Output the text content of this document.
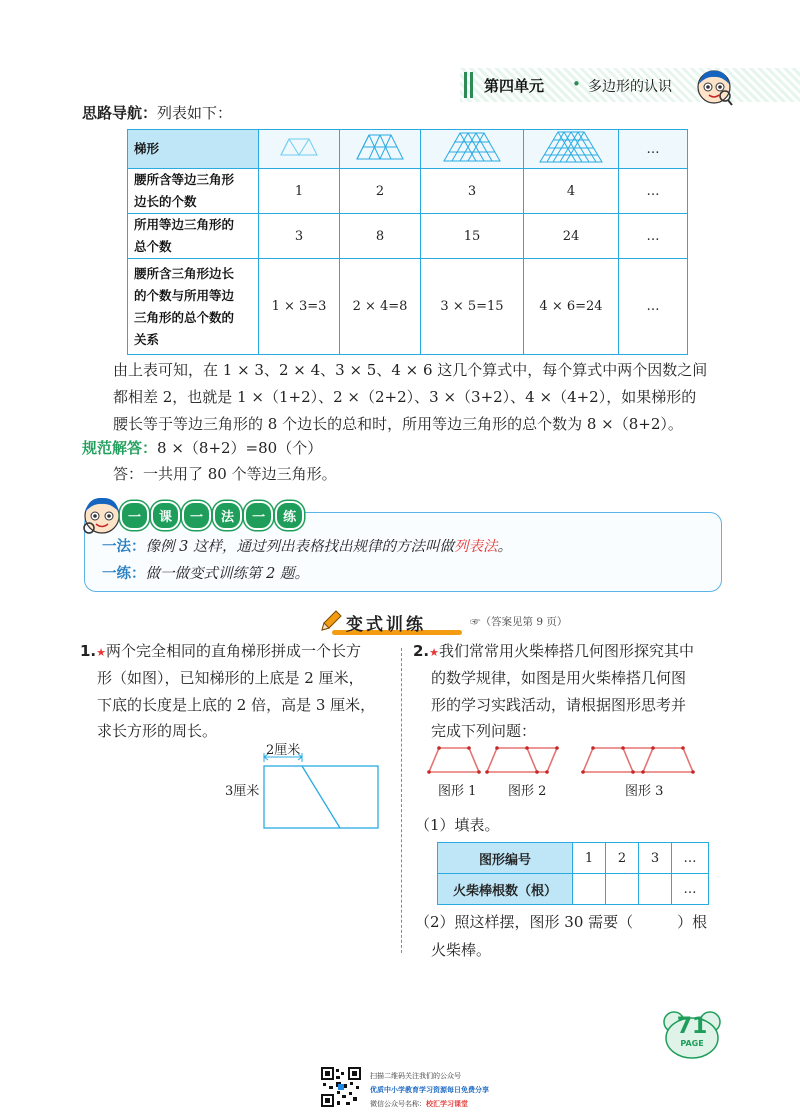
第四单元 • 多边形的认识
思路导航：列表如下：
梯形					…
腰所含等边三角形
边长的个数	1	2	3	4	…
所用等边三角形的
总个数	3	8	15	24	…
腰所含三角形边长
的个数与所用等边
三角形的总个数的
关系	1 × 3=3	2 × 4=8	3 × 5=15	4 × 6=24	…
由上表可知，在 1 × 3、2 × 4、3 × 5、4 × 6 这几个算式中，每个算式中两个因数之间
都相差 2，也就是 1 ×（1+2）、2 ×（2+2）、3 ×（3+2）、4 ×（4+2），如果梯形的
腰长等于等边三角形的 8 个边长的总和时，所用等边三角形的总个数为 8 ×（8+2）。
规范解答：8 ×（8+2）=80（个）
答：一共用了 80 个等边三角形。
一	课	一	法	一	练
一法：像例 3 这样，通过列出表格找出规律的方法叫做列表法。
一练：做一做变式训练第 2 题。
变式训练	☞（答案见第 9 页）
1.★两个完全相同的直角梯形拼成一个长方
形（如图），已知梯形的上底是 2 厘米，
下底的长度是上底的 2 倍，高是 3 厘米，
求长方形的周长。
2厘米
3厘米
2.★我们常常用火柴棒搭几何图形探究其中
的数学规律，如图是用火柴棒搭几何图
形的学习实践活动，请根据图形思考并
完成下列问题：
图形 1 图形 2	图形 3
（1）填表。
图形编号	1	2	3	…
火柴棒根数（根）				…
（2）照这样摆，图形 30 需要（	）根
火柴棒。
71
PAGE
扫描二维码关注我们的公众号
优质中小学教育学习资源每日免费分享
微信公众号名称：校汇学习课堂
